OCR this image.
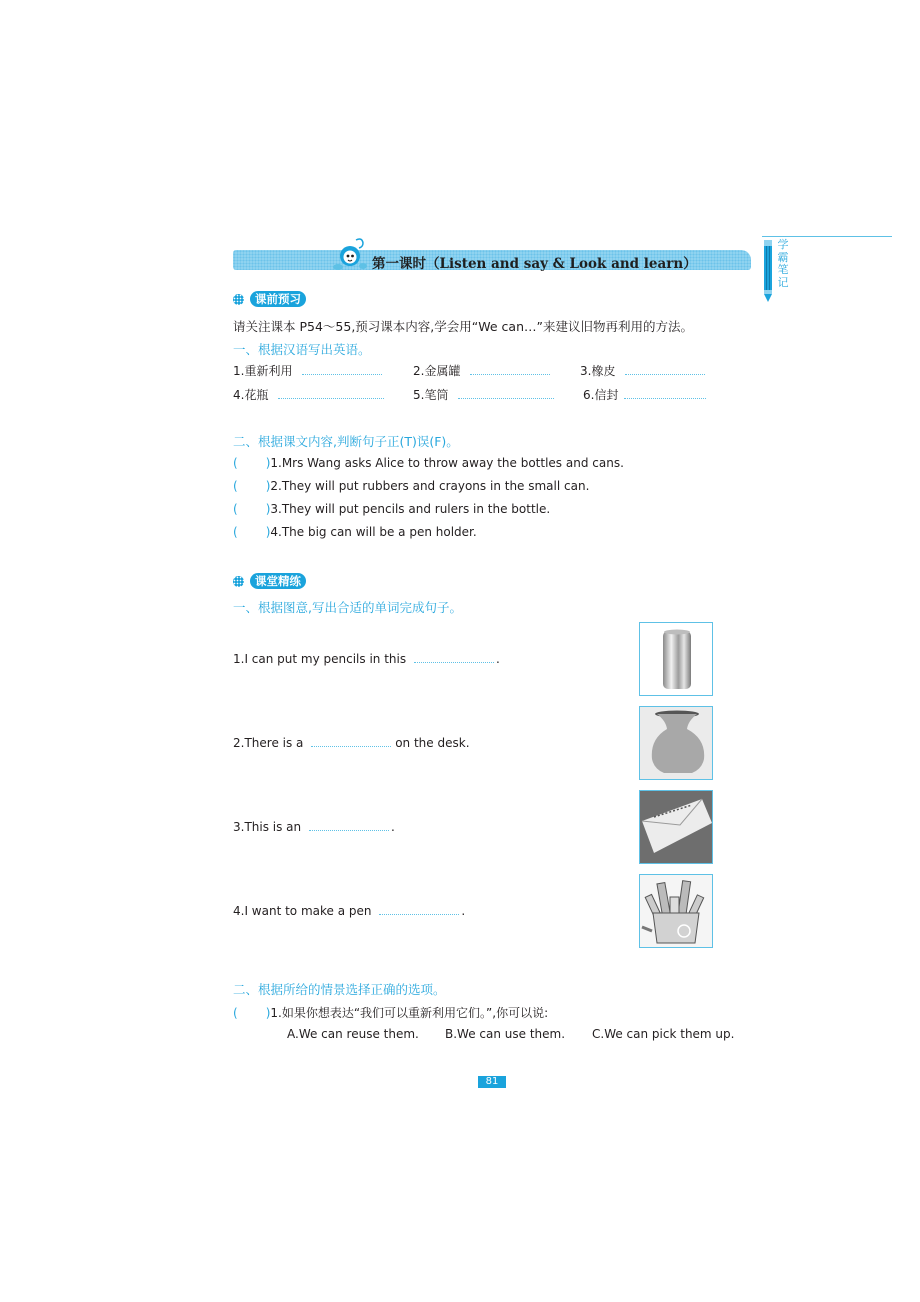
第一课时（Listen and say & Look and learn）
学
霸
笔
记
课前预习
请关注课本 P54～55,预习课本内容,学会用“We can…”来建议旧物再利用的方法。
一、根据汉语写出英语。
1.重新利用	2.金属罐	3.橡皮
4.花瓶	5.笔筒	6.信封
二、根据课文内容,判断句子正(T)误(F)。
( )1.Mrs Wang asks Alice to throw away the bottles and cans.
( )2.They will put rubbers and crayons in the small can.
( )3.They will put pencils and rulers in the bottle.
( )4.The big can will be a pen holder.
课堂精练
一、根据图意,写出合适的单词完成句子。
1.I can put my pencils in this	.
2.There is a	on the desk.
3.This is an	.
4.I want to make a pen	.
二、根据所给的情景选择正确的选项。
( )1.如果你想表达“我们可以重新利用它们。”,你可以说:
A.We can reuse them. B.We can use them. C.We can pick them up.
81
